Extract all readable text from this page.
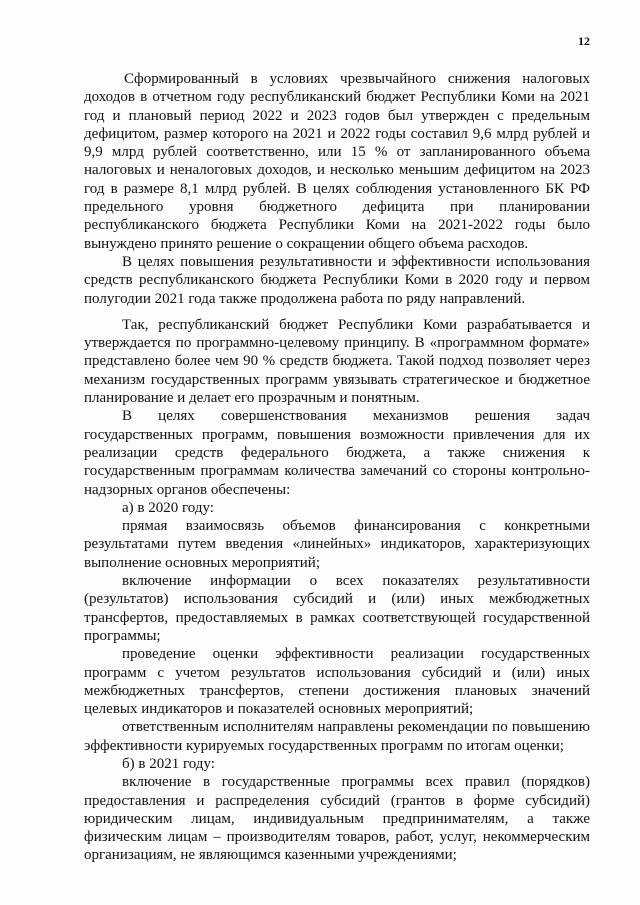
12

Сформированный в условиях чрезвычайного снижения налоговых доходов в отчетном году республиканский бюджет Республики Коми на 2021 год и плановый период 2022 и 2023 годов был утвержден с предельным дефицитом, размер которого на 2021 и 2022 годы составил 9,6 млрд рублей и 9,9 млрд рублей соответственно, или 15 % от запланированного объема налоговых и неналоговых доходов, и несколько меньшим дефицитом на 2023 год в размере 8,1 млрд рублей. В целях соблюдения установленного БК РФ предельного уровня бюджетного дефицита при планировании республиканского бюджета Республики Коми на 2021-2022 годы было вынуждено принято решение о сокращении общего объема расходов.

В целях повышения результативности и эффективности использования средств республиканского бюджета Республики Коми в 2020 году и первом полугодии 2021 года также продолжена работа по ряду направлений.

Так, республиканский бюджет Республики Коми разрабатывается и утверждается по программно-целевому принципу. В «программном формате» представлено более чем 90 % средств бюджета. Такой подход позволяет через механизм государственных программ увязывать стратегическое и бюджетное планирование и делает его прозрачным и понятным.

В целях совершенствования механизмов решения задач государственных программ, повышения возможности привлечения для их реализации средств федерального бюджета, а также снижения к государственным программам количества замечаний со стороны контрольно-надзорных органов обеспечены:

а) в 2020 году:

прямая взаимосвязь объемов финансирования с конкретными результатами путем введения «линейных» индикаторов, характеризующих выполнение основных мероприятий;

включение информации о всех показателях результативности (результатов) использования субсидий и (или) иных межбюджетных трансфертов, предоставляемых в рамках соответствующей государственной программы;

проведение оценки эффективности реализации государственных программ с учетом результатов использования субсидий и (или) иных межбюджетных трансфертов, степени достижения плановых значений целевых индикаторов и показателей основных мероприятий;

ответственным исполнителям направлены рекомендации по повышению эффективности курируемых государственных программ по итогам оценки;

б) в 2021 году:

включение в государственные программы всех правил (порядков) предоставления и распределения субсидий (грантов в форме субсидий) юридическим лицам, индивидуальным предпринимателям, а также физическим лицам – производителям товаров, работ, услуг, некоммерческим организациям, не являющимся казенными учреждениями;
